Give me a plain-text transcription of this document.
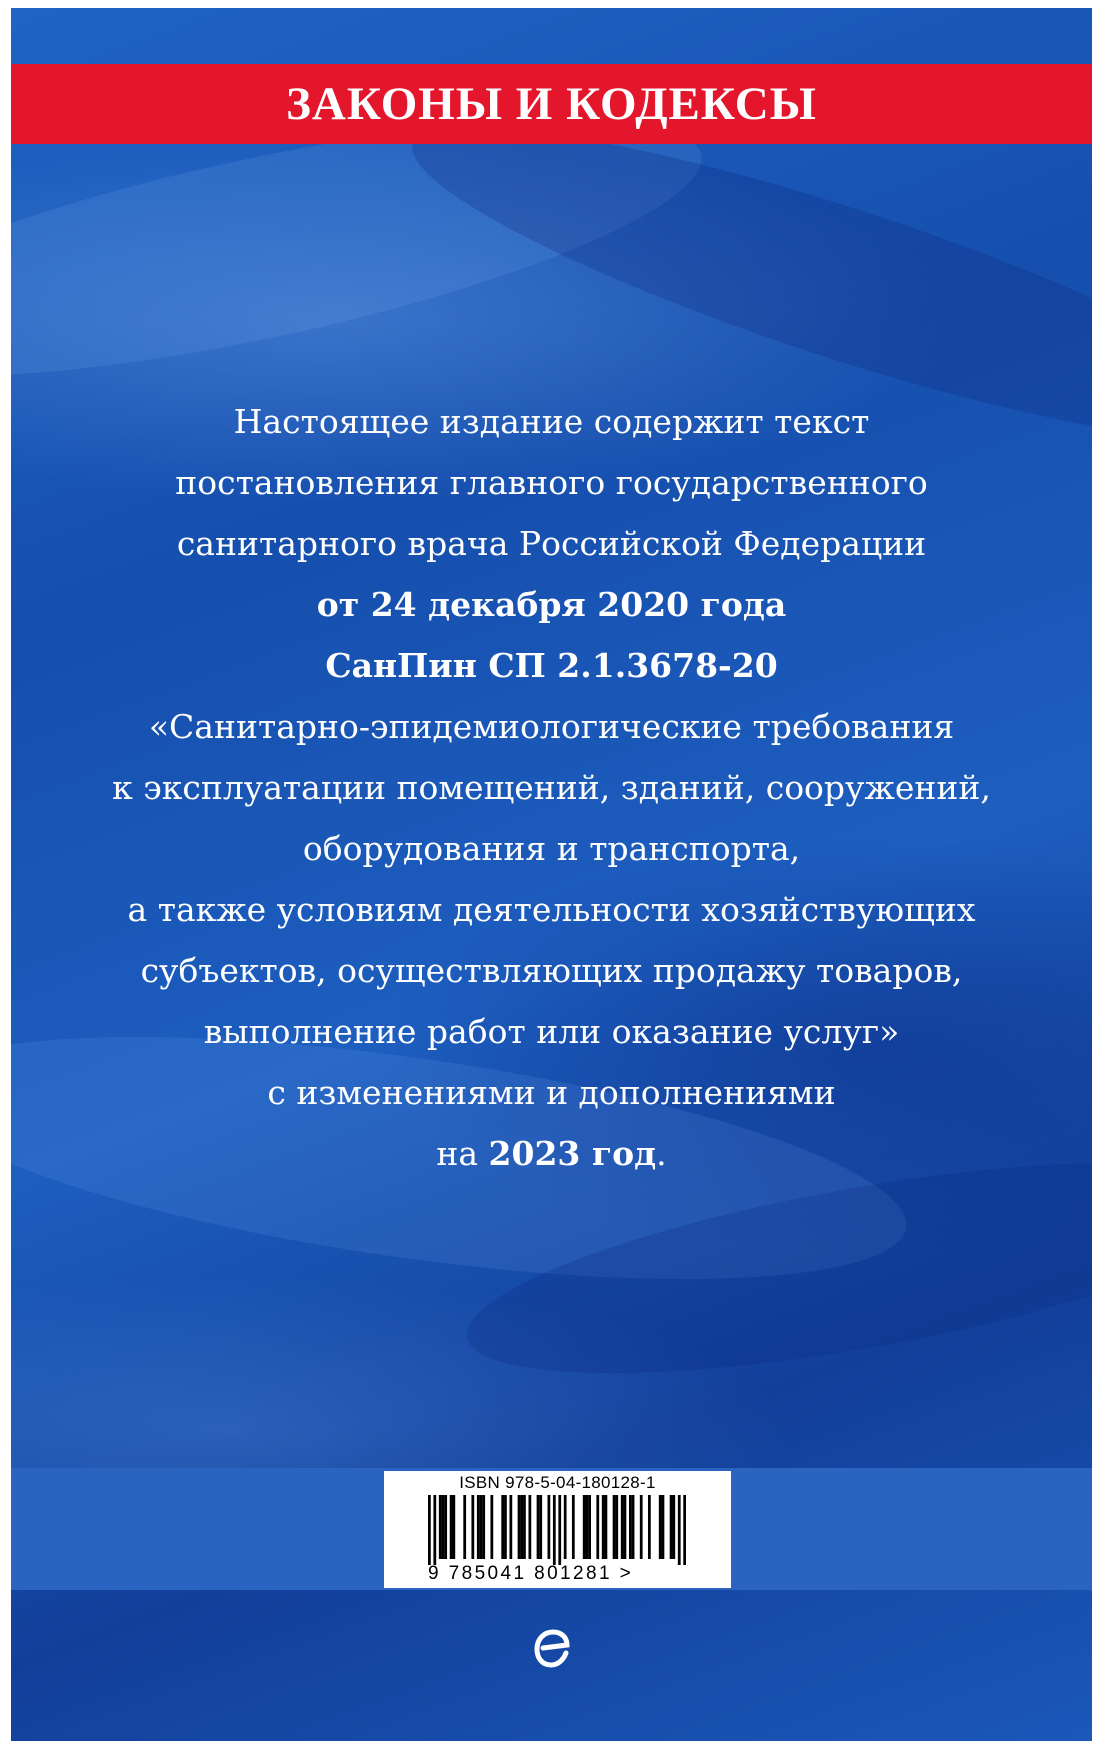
ЗАКОНЫ И КОДЕКСЫ
Настоящее издание содержит текст
постановления главного государственного
санитарного врача Российской Федерации
от 24 декабря 2020 года
СанПин СП 2.1.3678-20
«Санитарно-эпидемиологические требования
к эксплуатации помещений, зданий, сооружений,
оборудования и транспорта,
а также условиям деятельности хозяйствующих
субъектов, осуществляющих продажу товаров,
выполнение работ или оказание услуг»
с изменениями и дополнениями
на 2023 год.
ISBN 978-5-04-180128-1
9 785041 801281 >
